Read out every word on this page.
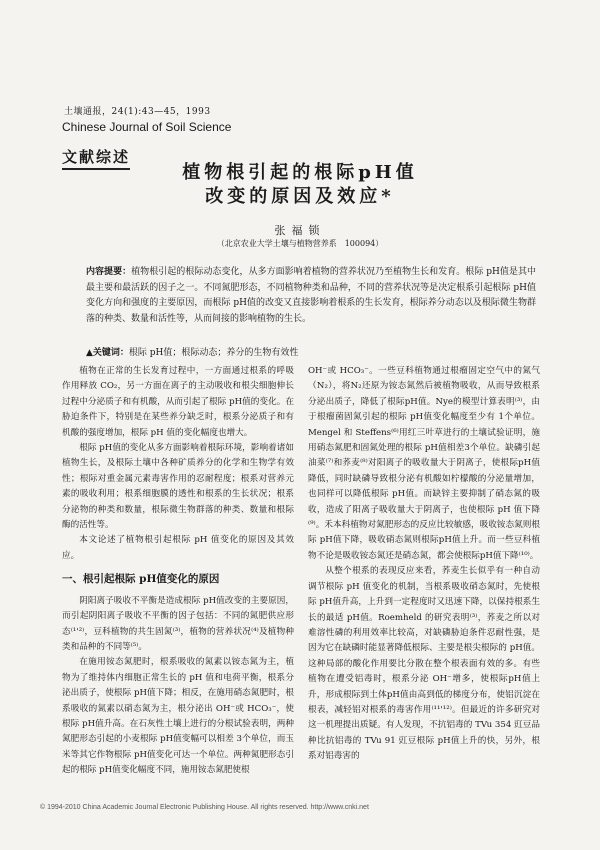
土壤通报，24(1):43—45，1993
Chinese Journal of Soil Science
文献综述
植物根引起的根际pH值
改变的原因及效应*
张福锁
（北京农业大学土壤与植物营养系　100094）
内容提要：植物根引起的根际动态变化，从多方面影响着植物的营养状况乃至植物生长和发育。根际 pH值是其中最主要和最活跃的因子之一。不同氮肥形态，不同植物种类和品种，不同的营养状况等是决定根系引起根际 pH值变化方向和强度的主要原因，而根际 pH值的改变又直接影响着根系的生长发育，根际养分动态以及根际微生物群落的种类、数量和活性等，从而间接的影响植物的生长。
▲关键词：根际 pH值；根际动态；养分的生物有效性

植物在正常的生长发育过程中，一方面通过根系的呼吸作用释放 CO₂，另一方面在离子的主动吸收和根尖细胞伸长过程中分泌质子和有机酸，从而引起了根际 pH值的变化。在胁迫条件下，特别是在某些养分缺乏时，根系分泌质子和有机酸的强度增加，根际 pH 值的变化幅度也增大。

根际 pH值的变化从多方面影响着根际环境，影响着诸如植物生长，及根际土壤中各种矿质养分的化学和生物学有效性；根际对重金属元素毒害作用的忍耐程度；根系对营养元素的吸收利用；根系细胞膜的透性和根系的生长状况；根系分泌物的种类和数量，根际微生物群落的种类、数量和根际酶的活性等。

本文论述了植物根引起根际 pH 值变化的原因及其效应。

一、根引起根际 pH值变化的原因

阴阳离子吸收不平衡是造成根际 pH值改变的主要原因，而引起阴阳离子吸收不平衡的因子包括：不同的氮肥供应形态⁽¹'²⁾，豆科植物的共生固氮⁽³⁾，植物的营养状况⁽⁴⁾及植物种类和品种的不同等⁽⁵⁾。

在施用铵态氮肥时，根系吸收的氮素以铵态氮为主，植物为了维持体内细胞正常生长的 pH 值和电荷平衡，根系分泌出质子，使根际 pH值下降；相反，在施用硝态氮肥时，根系吸收的氮素以硝态氮为主，根分泌出 OH⁻或 HCO₃⁻，使根际 pH值升高。在石灰性土壤上进行的分根试验表明，两种氮肥形态引起的小麦根际 pH值变幅可以相差 3个单位，而玉米等其它作物根际 pH值变化可达一个单位。两种氮肥形态引起的根际 pH值变化幅度不同，施用铵态氮肥使根

OH⁻或 HCO₃⁻。一些豆科植物通过根瘤固定空气中的氮气（N₂），将N₂还原为铵态氮然后被植物吸收，从而导致根系分泌出质子，降低了根际pH值。Nye的模型计算表明⁽³⁾，由于根瘤菌固氮引起的根际 pH值变化幅度至少有 1个单位。Mengel 和 Steffens⁽⁶⁾用红三叶草进行的土壤试验证明，施用硝态氮肥和固氮处理的根际 pH值相差3个单位。缺磷引起油菜⁽⁷⁾和荞麦⁽⁸⁾对阳离子的吸收量大于阴离子，使根际pH值降低，同时缺磷导致根分泌有机酸如柠檬酸的分泌量增加，也同样可以降低根际 pH值。而缺锌主要抑制了硝态氮的吸收，造成了阳离子吸收量大于阴离子，也使根际 pH 值下降⁽⁹⁾。禾本科植物对氮肥形态的反应比较敏感，吸收铵态氮则根际 pH值下降，吸收硝态氮则根际pH值上升。而一些豆科植物不论是吸收铵态氮还是硝态氮，都会使根际pH值下降⁽¹⁰⁾。

从整个根系的表现反应来看，荞麦生长似乎有一种自动调节根际 pH 值变化的机制，当根系吸收硝态氮时，先使根际 pH值升高，上升到一定程度时又迅速下降，以保持根系生长的最适 pH值。Roemheld 的研究表明⁽³⁾，荞麦之所以对难溶性磷的利用效率比较高，对缺磷胁迫条件忍耐性强，是因为它在缺磷时能显著降低根际、主要是根尖根际的 pH值。这种局部的酸化作用要比分散在整个根表面有效的多。有些植物在遭受铝毒时，根系分泌 OH⁻增多，使根际pH值上升，形成根际到土体pH值由高到低的梯度分布，使铝沉淀在根表，减轻铝对根系的毒害作用⁽¹¹'¹²⁾。但最近的许多研究对这一机理提出质疑。有人发现，不抗铝毒的 TVu 354 豇豆品种比抗铝毒的 TVu 91 豇豆根际 pH值上升的快，另外，根系对铝毒害的

© 1994-2010 China Academic Journal Electronic Publishing House. All rights reserved. http://www.cnki.net
